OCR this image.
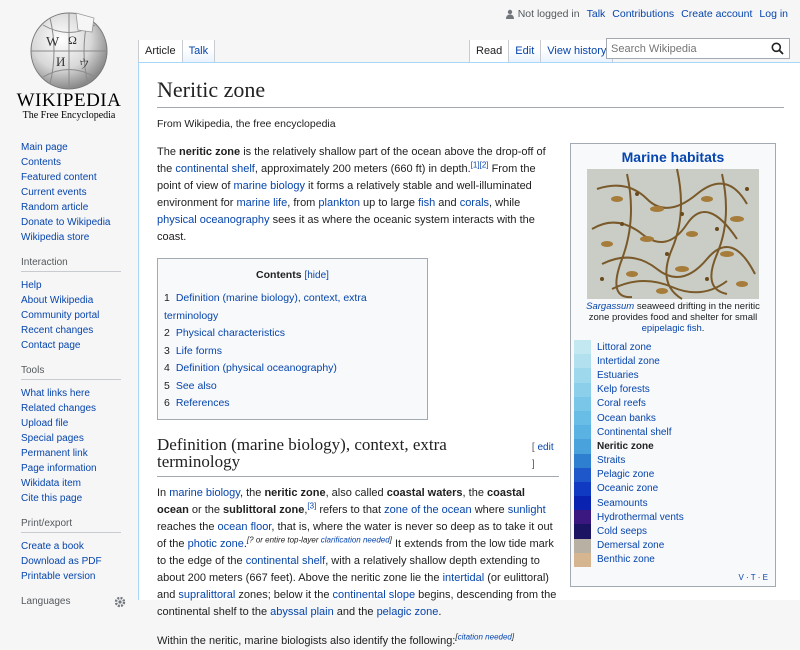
W Ω
И ウ
WIKIPEDIA
The Free Encyclopedia
Not logged in Talk Contributions Create account Log in
Article	Talk	Read	Edit	View history
Search Wikipedia
Main page
Contents
Featured content
Current events
Random article
Donate to Wikipedia
Wikipedia store
Interaction
Help
About Wikipedia
Community portal
Recent changes
Contact page
Tools
What links here
Related changes
Upload file
Special pages
Permanent link
Page information
Wikidata item
Cite this page
Print/export
Create a book
Download as PDF
Printable version
Languages
Neritic zone
From Wikipedia, the free encyclopedia

The neritic zone is the relatively shallow part of the ocean above the drop-off of the continental shelf, approximately 200 meters (660 ft) in depth.[1][2] From the point of view of marine biology it forms a relatively stable and well-illuminated environment for marine life, from plankton up to large fish and corals, while physical oceanography sees it as where the oceanic system interacts with the coast.

Contents [hide]
1 Definition (marine biology), context, extra terminology
2 Physical characteristics
3 Life forms
4 Definition (physical oceanography)
5 See also
6 References
Definition (marine biology), context, extra terminology
[ edit ]

In marine biology, the neritic zone, also called coastal waters, the coastal ocean or the sublittoral zone,[3] refers to that zone of the ocean where sunlight reaches the ocean floor, that is, where the water is never so deep as to take it out of the photic zone.[? or entire top-layer clarification needed] It extends from the low tide mark to the edge of the continental shelf, with a relatively shallow depth extending to about 200 meters (667 feet). Above the neritic zone lie the intertidal (or eulittoral) and supralittoral zones; below it the continental slope begins, descending from the continental shelf to the abyssal plain and the pelagic zone.

Within the neritic, marine biologists also identify the following:[citation needed]

Marine habitats
Sargassum seaweed drifting in the neritic zone provides food and shelter for small epipelagic fish.
Littoral zone
Intertidal zone
Estuaries
Kelp forests
Coral reefs
Ocean banks
Continental shelf
Neritic zone
Straits
Pelagic zone
Oceanic zone
Seamounts
Hydrothermal vents
Cold seeps
Demersal zone
Benthic zone
V · T · E
